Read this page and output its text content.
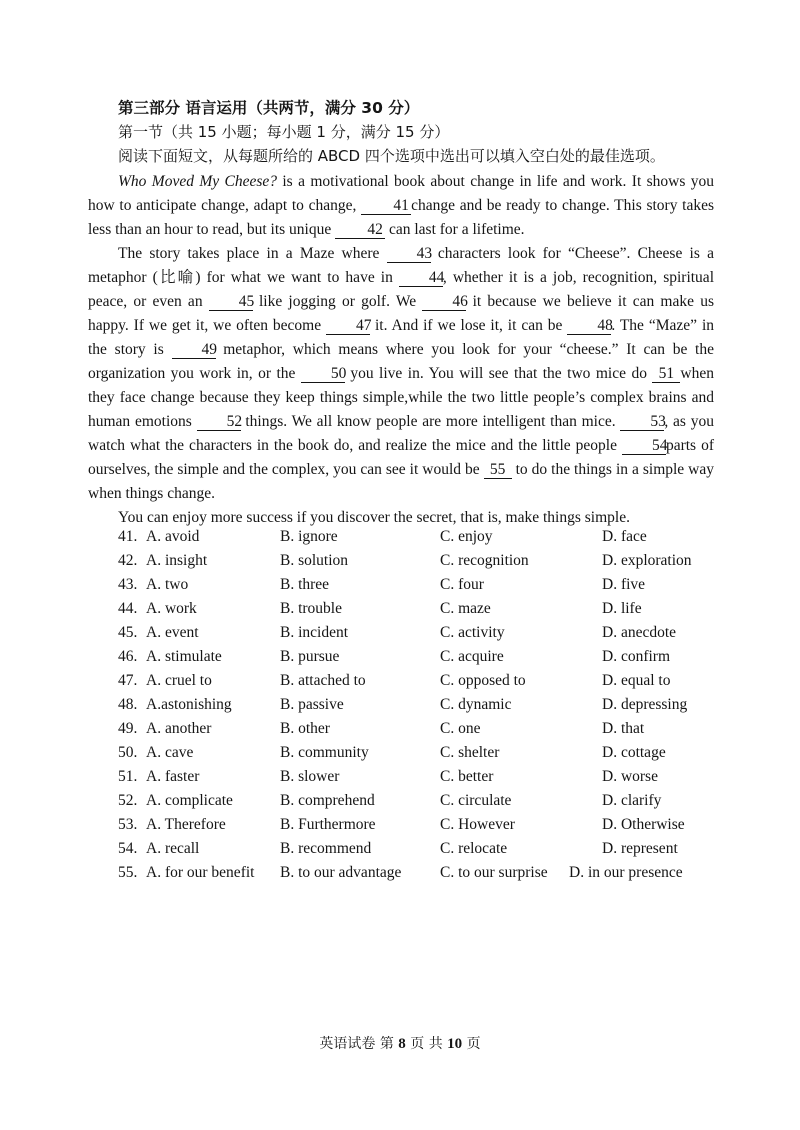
第三部分 语言运用（共两节，满分 30 分）
第一节（共 15 小题；每小题 1 分，满分 15 分）
阅读下面短文，从每题所给的 ABCD 四个选项中选出可以填入空白处的最佳选项。

Who Moved My Cheese? is a motivational book about change in life and work. It shows you how to anticipate change, adapt to change, 41 change and be ready to change. This story takes less than an hour to read, but its unique 42 can last for a lifetime.

The story takes place in a Maze where 43 characters look for “Cheese”. Cheese is a metaphor (比喻) for what we want to have in 44, whether it is a job, recognition, spiritual peace, or even an 45 like jogging or golf. We 46 it because we believe it can make us happy. If we get it, we often become 47 it. And if we lose it, it can be 48. The “Maze” in the story is 49 metaphor, which means where you look for your “cheese.” It can be the organization you work in, or the 50 you live in. You will see that the two mice do 51 when they face change because they keep things simple,while the two little people’s complex brains and human emotions 52 things. We all know people are more intelligent than mice. 53, as you watch what the characters in the book do, and realize the mice and the little people 54parts of ourselves, the simple and the complex, you can see it would be 55 to do the things in a simple way when things change.

You can enjoy more success if you discover the secret, that is, make things simple.

41. A. avoid	B. ignore	C. enjoy	D. face
42. A. insight	B. solution	C. recognition	D. exploration
43. A. two	B. three	C. four	D. five
44. A. work	B. trouble	C. maze	D. life
45. A. event	B. incident	C. activity	D. anecdote
46. A. stimulate	B. pursue	C. acquire	D. confirm
47. A. cruel to	B. attached to	C. opposed to	D. equal to
48. A.astonishing	B. passive	C. dynamic	D. depressing
49. A. another	B. other	C. one	D. that
50. A. cave	B. community	C. shelter	D. cottage
51. A. faster	B. slower	C. better	D. worse
52. A. complicate	B. comprehend	C. circulate	D. clarify
53. A. Therefore	B. Furthermore	C. However	D. Otherwise
54. A. recall	B. recommend	C. relocate	D. represent
55. A. for our benefit B. to our advantage C. to our surprise D. in our presence
英语试卷 第 8 页 共 10 页
